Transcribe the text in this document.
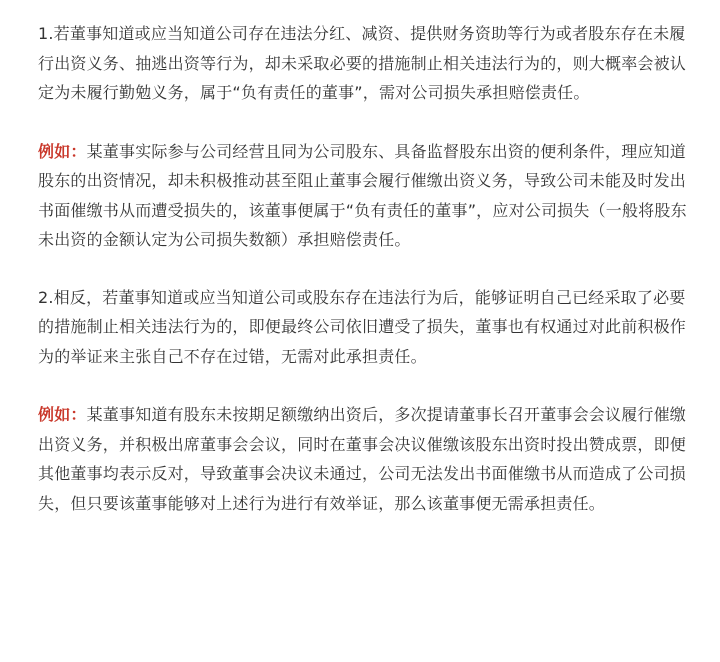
1.若董事知道或应当知道公司存在违法分红、减资、提供财务资助等行为或者股东存在未履行出资义务、抽逃出资等行为，却未采取必要的措施制止相关违法行为的，则大概率会被认定为未履行勤勉义务，属于“负有责任的董事”，需对公司损失承担赔偿责任。

例如：某董事实际参与公司经营且同为公司股东、具备监督股东出资的便利条件，理应知道股东的出资情况，却未积极推动甚至阻止董事会履行催缴出资义务，导致公司未能及时发出书面催缴书从而遭受损失的，该董事便属于“负有责任的董事”，应对公司损失（一般将股东未出资的金额认定为公司损失数额）承担赔偿责任。

2.相反，若董事知道或应当知道公司或股东存在违法行为后，能够证明自己已经采取了必要的措施制止相关违法行为的，即便最终公司依旧遭受了损失，董事也有权通过对此前积极作为的举证来主张自己不存在过错，无需对此承担责任。

例如：某董事知道有股东未按期足额缴纳出资后，多次提请董事长召开董事会会议履行催缴出资义务，并积极出席董事会会议，同时在董事会决议催缴该股东出资时投出赞成票，即便其他董事均表示反对，导致董事会决议未通过，公司无法发出书面催缴书从而造成了公司损失，但只要该董事能够对上述行为进行有效举证，那么该董事便无需承担责任。
